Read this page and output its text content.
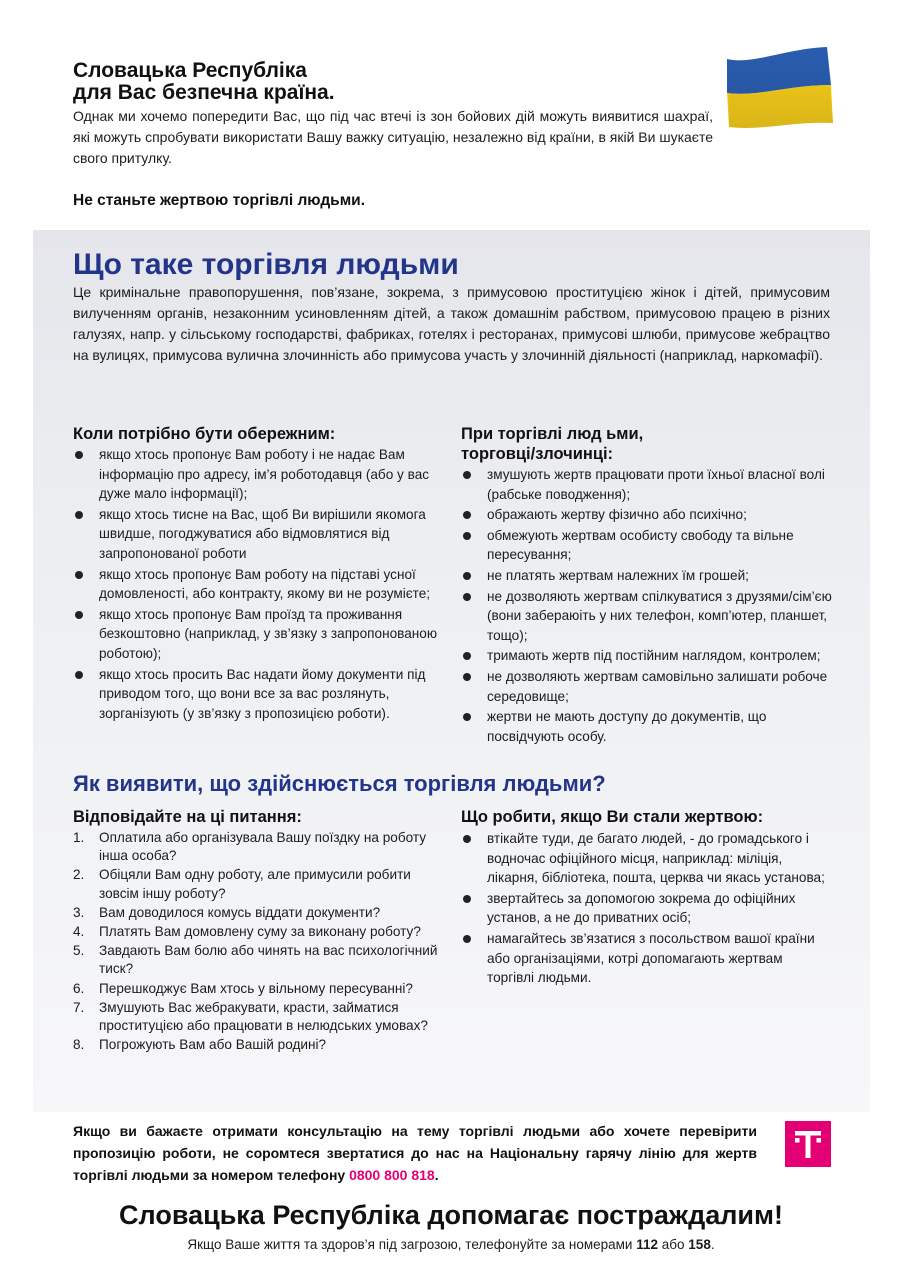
Словацька Республіка
для Вас безпечна країна.

Однак ми хочемо попередити Вас, що під час втечі із зон бойових дій можуть виявитися шахраї, які можуть спробувати використати Вашу важку ситуацію, незалежно від країни, в якій Ви шукаєте свого притулку.

Не станьте жертвою торгівлі людьми.

Що таке торгівля людьми

Це кримінальне правопорушення, пов’язане, зокрема, з примусовою проституцією жінок і дітей, примусовим вилученням органів, незаконним усиновленням дітей, а також домашнім рабством, примусовою працею в різних галузях, напр. у сільському господарстві, фабриках, готелях і ресторанах, примусові шлюби, примусове жебрацтво на вулицях, примусова вулична злочинність або примусова участь у злочинній діяльності (наприклад, наркомафії).

Коли потрібно бути обережним:
якщо хтось пропонує Вам роботу і не надає Вам інформацію про адресу, ім’я роботодавця (або у вас дуже мало інформації);
якщо хтось тисне на Вас, щоб Ви вирішили якомога швидше, погоджуватися або відмовлятися від запропонованої роботи
якщо хтось пропонує Вам роботу на підставі усної домовленості, або контракту, якому ви не розумієте;
якщо хтось пропонує Вам проїзд та проживання безкоштовно (наприклад, у зв’язку з запропонованою роботою);
якщо хтось просить Вас надати йому документи під приводом того, що вони все за вас розлянуть, зорганізують (у зв’язку з пропозицією роботи).
При торгівлі люд ьми,
торговці/злочинці:
змушують жертв працювати проти їхньої власної волі (рабське поводження);
ображають жертву фізично або психічно;
обмежують жертвам особисту свободу та вільне пересування;
не платять жертвам належних їм грошей;
не дозволяють жертвам спілкуватися з друзями/сім’єю (вони забераюіть у них телефон, комп’ютер, планшет, тощо);
тримають жертв під постійним наглядом, контролем;
не дозволяють жертвам самовільно залишати робоче середовище;
жертви не мають доступу до документів, що посвідчують особу.
Як виявити, що здійснюється торгівля людьми?
Відповідайте на ці питання:
1. Оплатила або організувала Вашу поїздку на роботу інша особа?
2. Обіцяли Вам одну роботу, але примусили робити зовсім іншу роботу?
3. Вам доводилося комусь віддати документи?
4. Платять Вам домовлену суму за виконану роботу?
5. Завдають Вам болю або чинять на вас психологічний тиск?
6. Перешкоджує Вам хтось у вільному пересуванні?
7. Змушують Вас жебракувати, красти, займатися проституцією або працювати в нелюдських умовах?
8. Погрожують Вам або Вашій родині?
Що робити, якщо Ви стали жертвою:
втікайте туди, де багато людей, - до громадського і водночас офіційного місця, наприклад: міліція, лікарня, бібліотека, пошта, церква чи якась установа;
звертайтесь за допомогою зокрема до офіційних установ, а не до приватних осіб;
намагайтесь зв’язатися з посольством вашої країни або організаціями, котрі допомагають жертвам торгівлі людьми.

Якщо ви бажаєте отримати консультацію на тему торгівлі людьми або хочете перевірити пропозицію роботи, не соромтеся звертатися до нас на Національну гарячу лінію для жертв торгівлі людьми за номером телефону 0800 800 818.

Словацька Республіка допомагає постраждалим!

Якщо Ваше життя та здоров’я під загрозою, телефонуйте за номерами 112 або 158.
